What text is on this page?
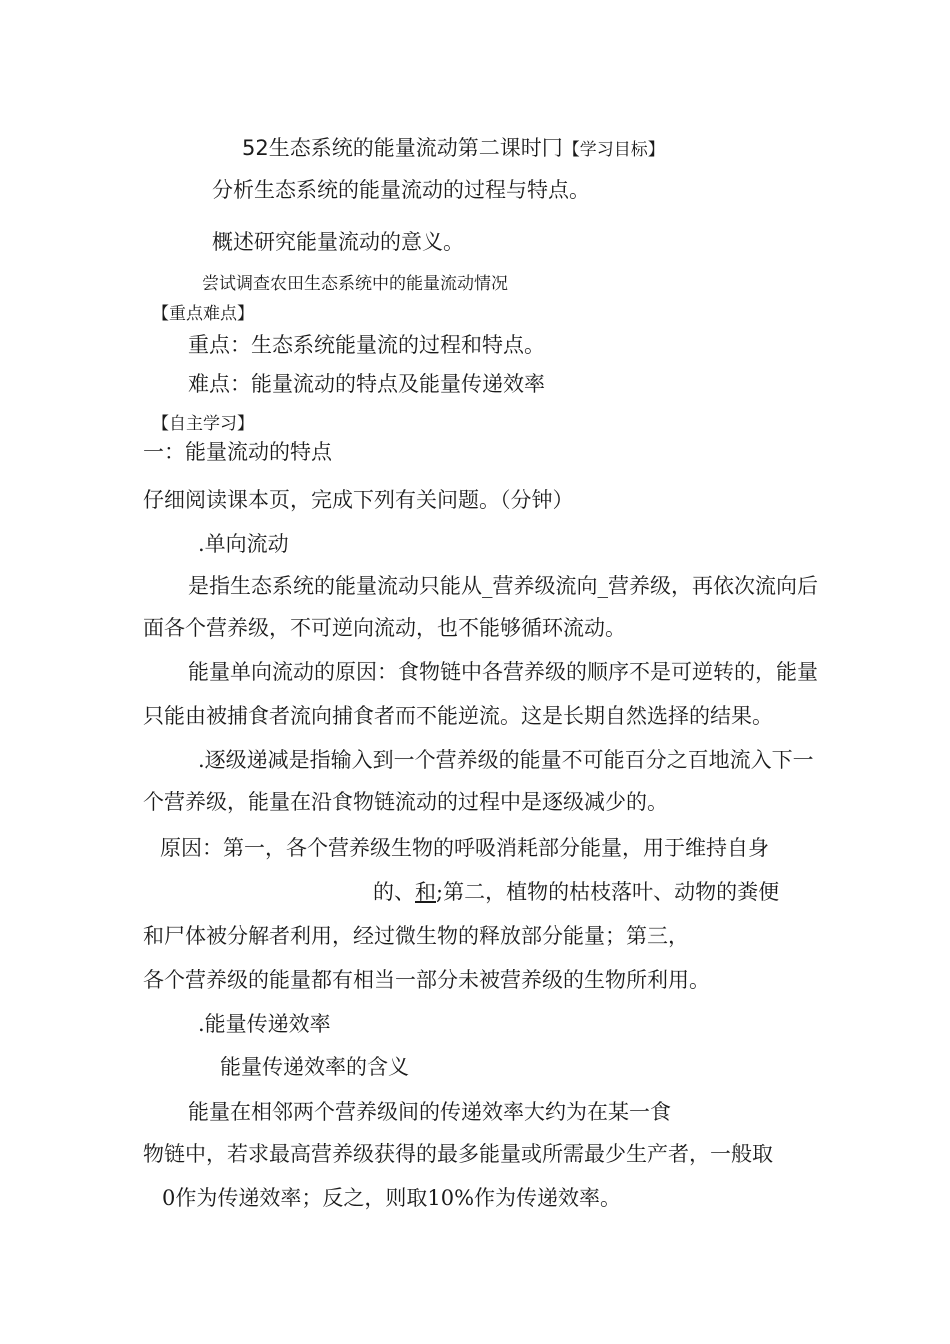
52生态系统的能量流动第二课时冂【学习目标】
分析生态系统的能量流动的过程与特点。
概述研究能量流动的意义。
尝试调查农田生态系统中的能量流动情况
【重点难点】
重点：生态系统能量流的过程和特点。
难点：能量流动的特点及能量传递效率
【自主学习】
一：能量流动的特点
仔细阅读课本页，完成下列有关问题。（分钟）
.单向流动
是指生态系统的能量流动只能从_营养级流向_营养级，再依次流向后
面各个营养级，不可逆向流动，也不能够循环流动。
能量单向流动的原因：食物链中各营养级的顺序不是可逆转的，能量
只能由被捕食者流向捕食者而不能逆流。这是长期自然选择的结果。
.逐级递减是指输入到一个营养级的能量不可能百分之百地流入下一
个营养级，能量在沿食物链流动的过程中是逐级减少的。
原因：第一，各个营养级生物的呼吸消耗部分能量，用于维持自身
的、和;第二，植物的枯枝落叶、动物的粪便
和尸体被分解者利用，经过微生物的释放部分能量；第三，
各个营养级的能量都有相当一部分未被营养级的生物所利用。
.能量传递效率
能量传递效率的含义
能量在相邻两个营养级间的传递效率大约为在某一食
物链中，若求最高营养级获得的最多能量或所需最少生产者，一般取
0作为传递效率；反之，则取10%作为传递效率。
